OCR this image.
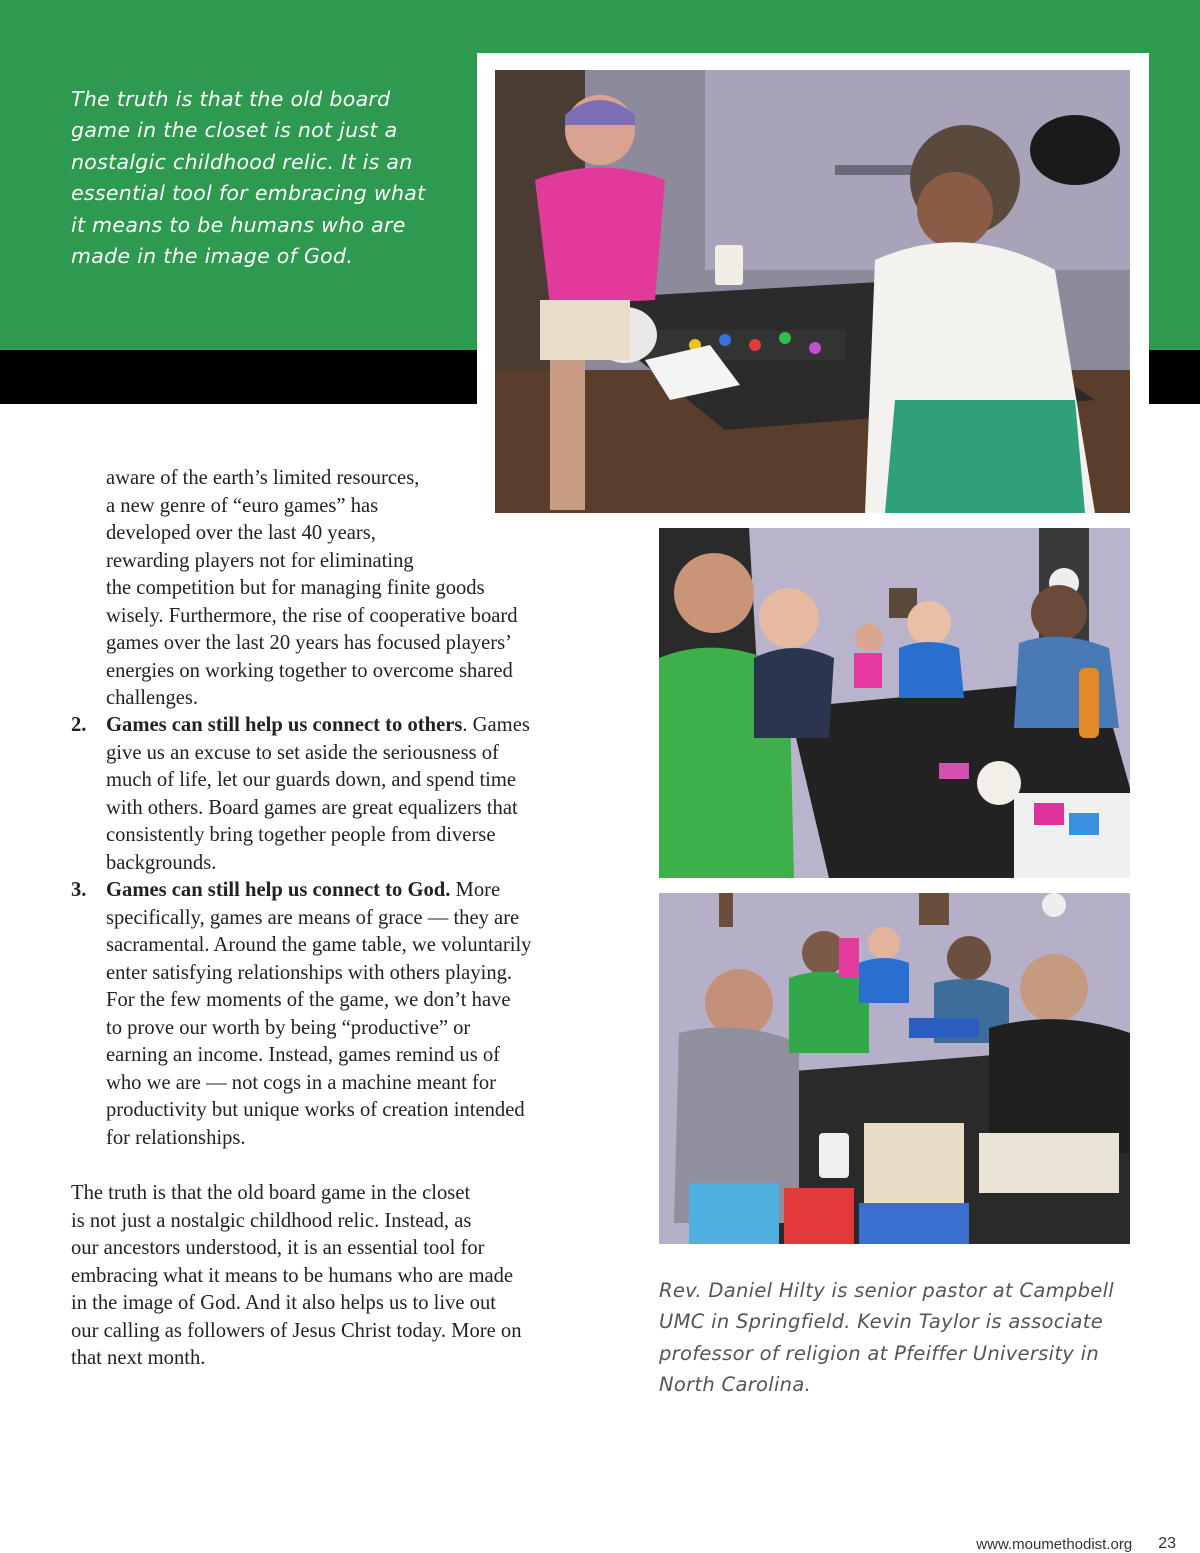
The truth is that the old board
game in the closet is not just a
nostalgic childhood relic. It is an
essential tool for embracing what
it means to be humans who are
made in the image of God.

aware of the earth’s limited resources,
a new genre of “euro games” has
developed over the last 40 years,
rewarding players not for eliminating
the competition but for managing finite goods
wisely. Furthermore, the rise of cooperative board
games over the last 20 years has focused players’
energies on working together to overcome shared
challenges.
2. Games can still help us connect to others. Games
give us an excuse to set aside the seriousness of
much of life, let our guards down, and spend time
with others. Board games are great equalizers that
consistently bring together people from diverse
backgrounds.
3. Games can still help us connect to God. More
specifically, games are means of grace — they are
sacramental. Around the game table, we voluntarily
enter satisfying relationships with others playing.
For the few moments of the game, we don’t have
to prove our worth by being “productive” or
earning an income. Instead, games remind us of
who we are — not cogs in a machine meant for
productivity but unique works of creation intended
for relationships.
The truth is that the old board game in the closet
is not just a nostalgic childhood relic. Instead, as
our ancestors understood, it is an essential tool for
embracing what it means to be humans who are made
in the image of God. And it also helps us to live out
our calling as followers of Jesus Christ today. More on
that next month.

Rev. Daniel Hilty is senior pastor at Campbell
UMC in Springfield. Kevin Taylor is associate
professor of religion at Pfeiffer University in
North Carolina.

www.moumethodist.org 23
